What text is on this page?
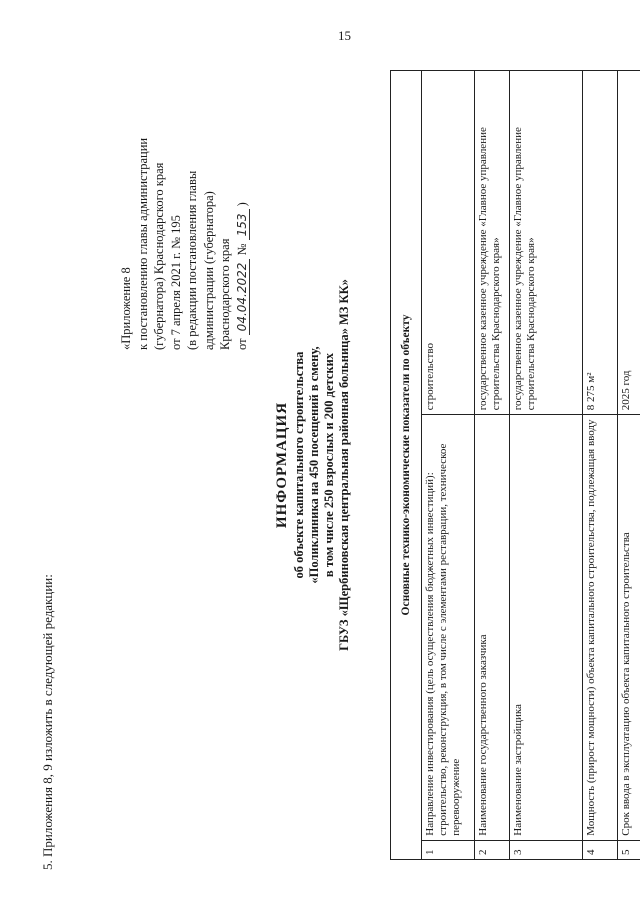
15
5. Приложения 8, 9 изложить в следующей редакции:
«Приложение 8 к постановлению главы администрации (губернатора) Краснодарского края от 7 апреля 2021 г. № 195 (в редакции постановления главы администрации (губернатора) Краснодарского края от 04.04.2022 № 153 )
ИНФОРМАЦИЯ об объекте капитального строительства «Поликлиника на 450 посещений в смену, в том числе 250 взрослых и 200 детских ГБУЗ «Щербиновская центральная районная больница» МЗ КК»	Основные технико-экономические показатели по объекту		
1	Направление инвестирования (цель осуществления бюджетных инвестиций): строительство, реконструкция, в том числе с элементами реставрации, техническое перевооружение	строительство
2	Наименование государственного заказчика	государственное казенное учреждение «Главное управление строительства Краснодарского края»
3	Наименование застройщика	государственное казенное учреждение «Главное управление строительства Краснодарского края»
4	Мощность (прирост мощности) объекта капитального строительства, подлежащая вводу	8 275 м²
5	Срок ввода в эксплуатацию объекта капитального строительства	2025 год
